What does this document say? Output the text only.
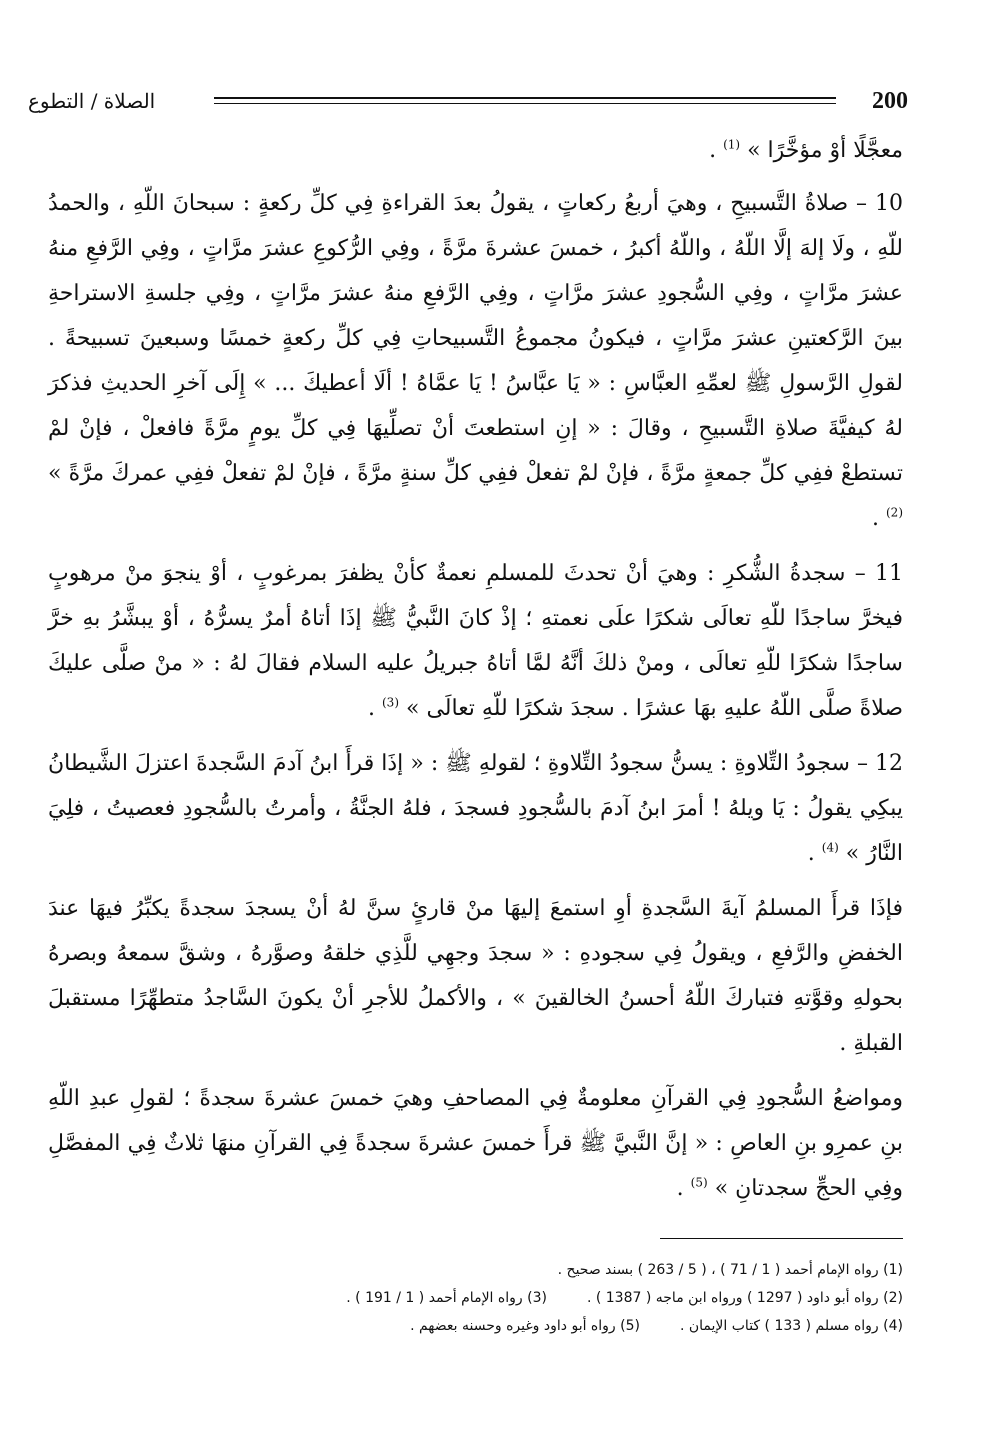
الصلاة / التطوع	200

معجَّلًا أوْ مؤخَّرًا » $^{(1)}$ .

10 – صلاةُ التَّسبيحِ ، وهيَ أربعُ ركعاتٍ ، يقولُ بعدَ القراءةِ فِي كلِّ ركعةٍ : سبحانَ اللّهِ ، والحمدُ للّهِ ، ولَا إلهَ إلَّا اللّهُ ، واللّهُ أكبرُ ، خمسَ عشرةَ مرَّةً ، وفِي الرُّكوعِ عشرَ مرَّاتٍ ، وفِي الرَّفعِ منهُ عشرَ مرَّاتٍ ، وفِي السُّجودِ عشرَ مرَّاتٍ ، وفِي الرَّفعِ منهُ عشرَ مرَّاتٍ ، وفِي جلسةِ الاستراحةِ بينَ الرَّكعتينِ عشرَ مرَّاتٍ ، فيكونُ مجموعُ التَّسبيحاتِ فِي كلِّ ركعةٍ خمسًا وسبعينَ تسبيحةً . لقولِ الرَّسولِ ﷺ لعمِّهِ العبَّاسِ : « يَا عبَّاسُ ! يَا عمَّاهُ ! ألَا أعطيكَ ... » إِلَى آخرِ الحديثِ فذكرَ لهُ كيفيَّةَ صلاةِ التَّسبيحِ ، وقالَ : « إنِ استطعتَ أنْ تصلِّيهَا فِي كلِّ يومٍ مرَّةً فافعلْ ، فإنْ لمْ تستطعْ ففِي كلِّ جمعةٍ مرَّةً ، فإنْ لمْ تفعلْ ففِي كلِّ سنةٍ مرَّةً ، فإنْ لمْ تفعلْ ففِي عمركَ مرَّةً » $^{(2)}$ .

11 – سجدةُ الشُّكرِ : وهيَ أنْ تحدثَ للمسلمِ نعمةٌ كأنْ يظفرَ بمرغوبٍ ، أوْ ينجوَ منْ مرهوبٍ فيخرَّ ساجدًا للّهِ تعالَى شكرًا علَى نعمتهِ ؛ إذْ كانَ النَّبيُّ ﷺ إذَا أتاهُ أمرٌ يسرُّهُ ، أوْ يبشَّرُ بهِ خرَّ ساجدًا شكرًا للّهِ تعالَى ، ومنْ ذلكَ أنَّهُ لمَّا أتاهُ جبريلُ عليه السلام فقالَ لهُ : « منْ صلَّى عليكَ صلاةً صلَّى اللّهُ عليهِ بهَا عشرًا . سجدَ شكرًا للّهِ تعالَى » $^{(3)}$ .

12 – سجودُ التِّلاوةِ : يسنُّ سجودُ التِّلاوةِ ؛ لقولهِ ﷺ : « إذَا قرأَ ابنُ آدمَ السَّجدةَ اعتزلَ الشَّيطانُ يبكِي يقولُ : يَا ويلهُ ! أمرَ ابنُ آدمَ بالسُّجودِ فسجدَ ، فلهُ الجنَّةُ ، وأمرتُ بالسُّجودِ فعصيتُ ، فلِيَ النَّارُ » $^{(4)}$ .

فإذَا قرأَ المسلمُ آيةَ السَّجدةِ أوِ استمعَ إليهَا منْ قارئٍ سنَّ لهُ أنْ يسجدَ سجدةً يكبِّرُ فيهَا عندَ الخفضِ والرَّفعِ ، ويقولُ فِي سجودهِ : « سجدَ وجهِي للَّذِي خلقهُ وصوَّرهُ ، وشقَّ سمعهُ وبصرهُ بحولهِ وقوَّتهِ فتباركَ اللّهُ أحسنُ الخالقينَ » ، والأكملُ للأجرِ أنْ يكونَ السَّاجدُ متطهِّرًا مستقبلَ القبلةِ .

ومواضعُ السُّجودِ فِي القرآنِ معلومةٌ فِي المصاحفِ وهيَ خمسَ عشرةَ سجدةً ؛ لقولِ عبدِ اللّهِ بنِ عمرِو بنِ العاصِ : « إنَّ النَّبيَّ ﷺ قرأَ خمسَ عشرةَ سجدةً فِي القرآنِ منهَا ثلاثٌ فِي المفصَّلِ وفِي الحجِّ سجدتانِ » $^{(5)}$ .

(1) رواه الإمام أحمد ( 1 / 71 ) ، ( 5 / 263 ) بسند صحيح .
(2) رواه أبو داود ( 1297 ) ورواه ابن ماجه ( 1387 ) .(3) رواه الإمام أحمد ( 1 / 191 ) .
(4) رواه مسلم ( 133 ) كتاب الإيمان .(5) رواه أبو داود وغيره وحسنه بعضهم .
